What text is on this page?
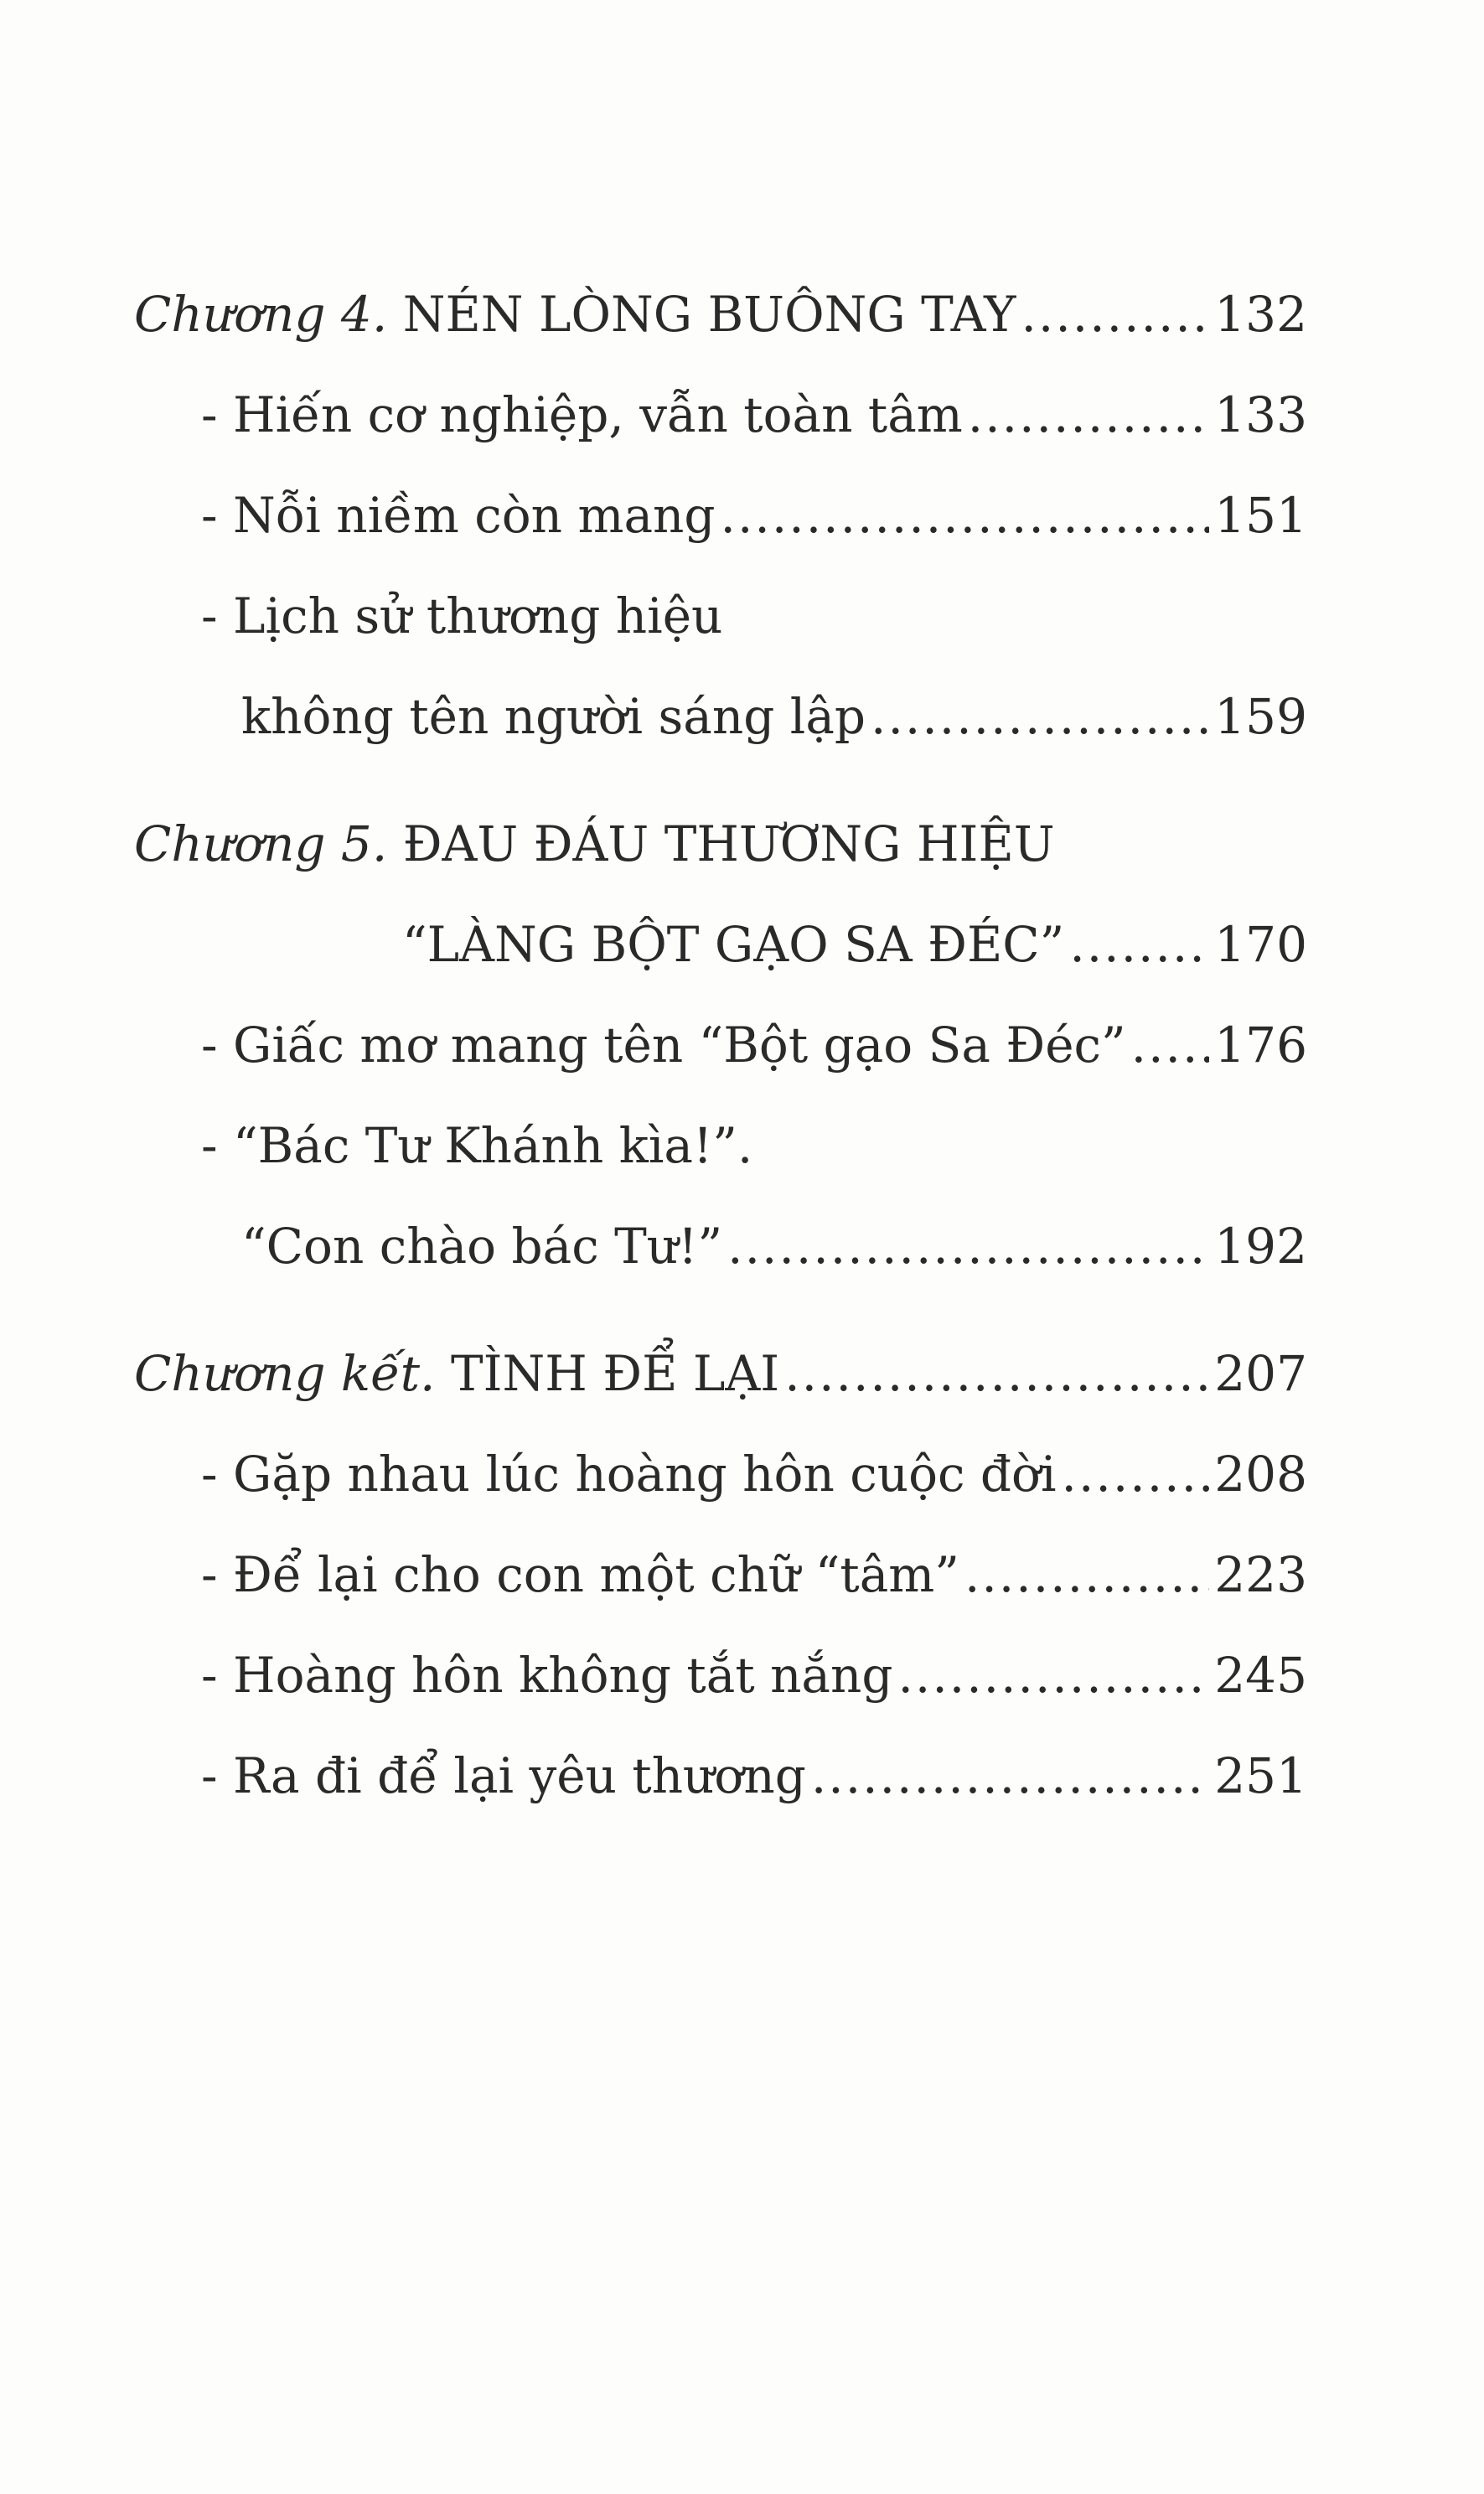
Chương 4. NÉN LÒNG BUÔNG TAY .....	132
- Hiến cơ nghiệp, vẫn toàn tâm .....	133
- Nỗi niềm còn mang .....	151
- Lịch sử thương hiệu
không tên người sáng lập .....	159
Chương 5. ĐAU ĐÁU THƯƠNG HIỆU
“LÀNG BỘT GẠO SA ĐÉC” .....	170
- Giấc mơ mang tên “Bột gạo Sa Đéc” ..... 176
- “Bác Tư Khánh kìa!”.
“Con chào bác Tư!” .....	192
Chương kết. TÌNH ĐỂ LẠI .....	207
- Gặp nhau lúc hoàng hôn cuộc đời .....	208
- Để lại cho con một chữ “tâm” .....	223
- Hoàng hôn không tắt nắng .....	245
- Ra đi để lại yêu thương .....	251
